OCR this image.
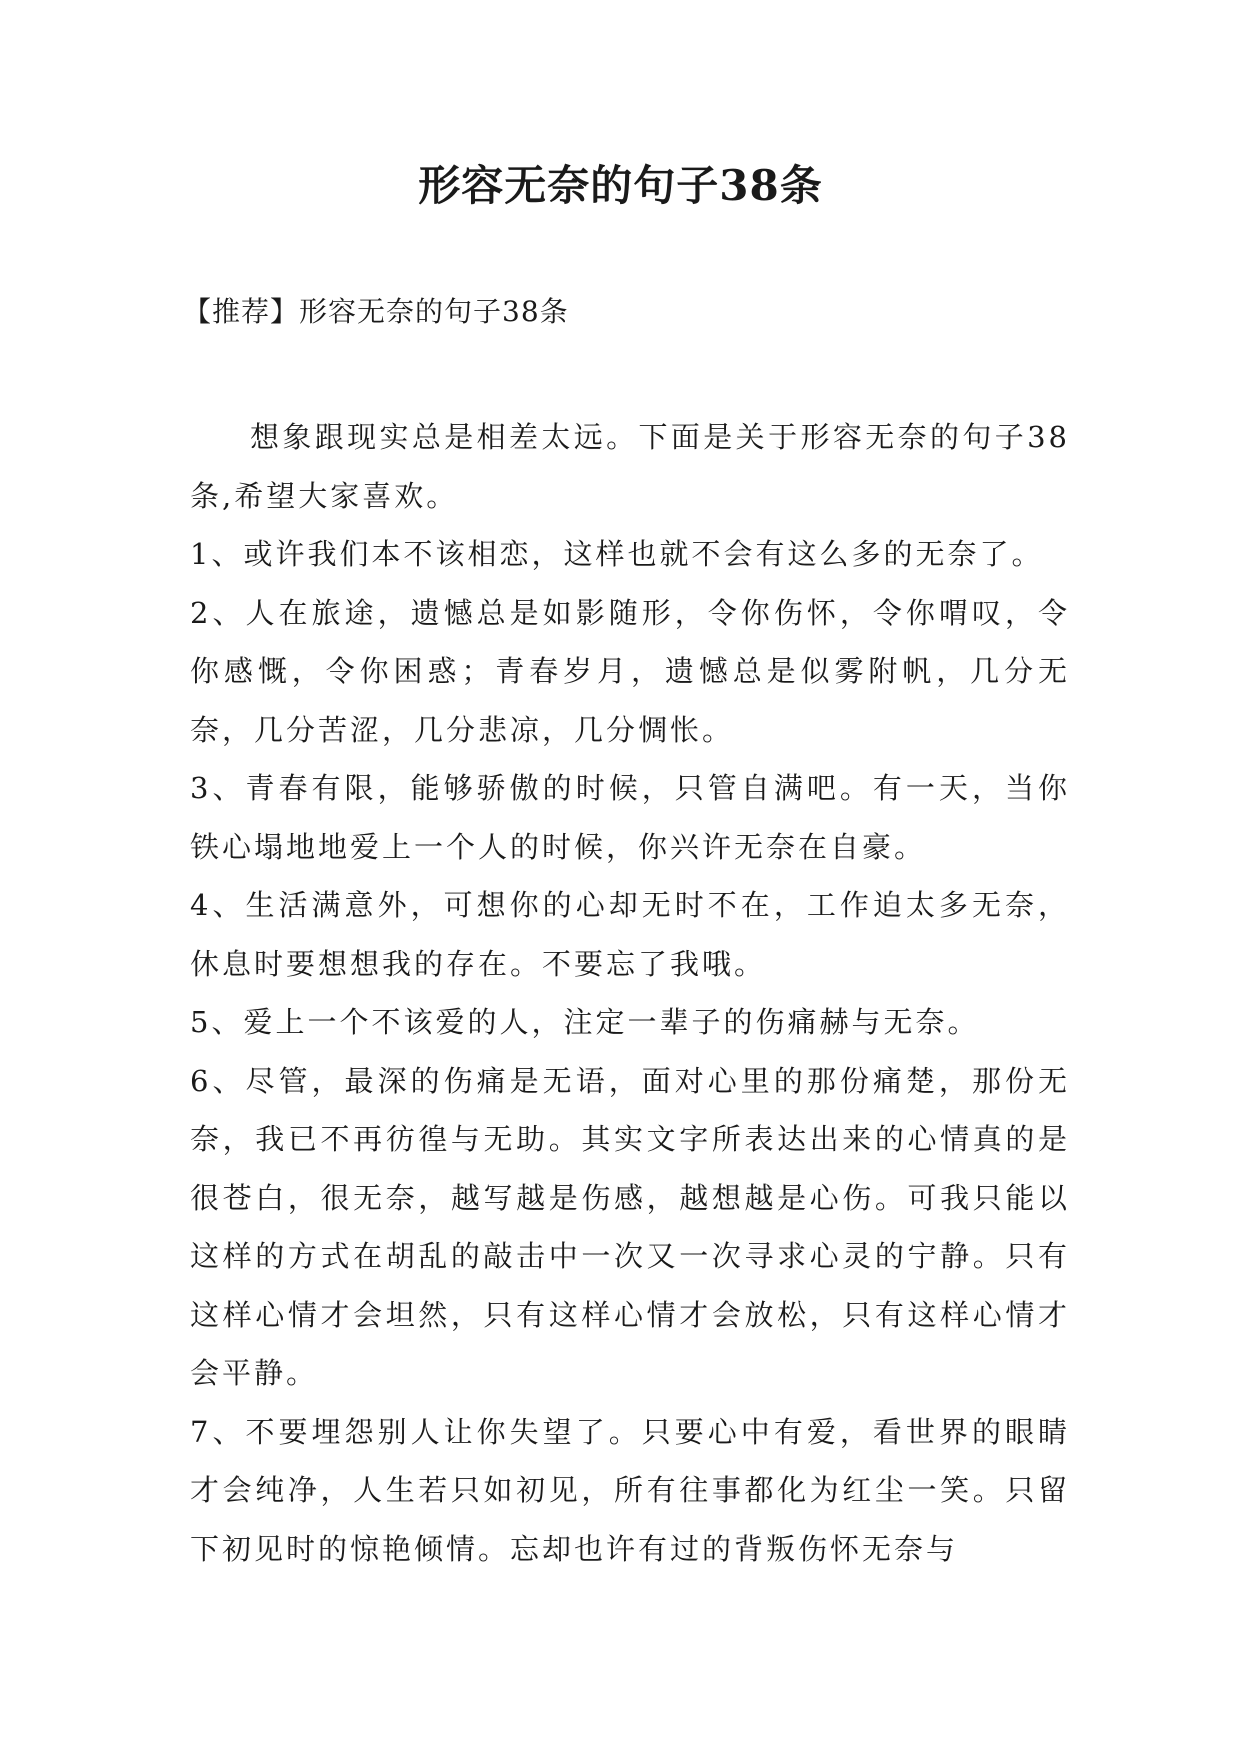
形容无奈的句子38条

【推荐】形容无奈的句子38条

想象跟现实总是相差太远。下面是关于形容无奈的句子38条,希望大家喜欢。

1、或许我们本不该相恋，这样也就不会有这么多的无奈了。

2、人在旅途，遗憾总是如影随形，令你伤怀，令你喟叹，令你感慨，令你困惑；青春岁月，遗憾总是似雾附帆，几分无奈，几分苦涩，几分悲凉，几分惆怅。

3、青春有限，能够骄傲的时候，只管自满吧。有一天，当你铁心塌地地爱上一个人的时候，你兴许无奈在自豪。

4、生活满意外，可想你的心却无时不在，工作迫太多无奈，休息时要想想我的存在。不要忘了我哦。

5、爱上一个不该爱的人，注定一辈子的伤痛赫与无奈。

6、尽管，最深的伤痛是无语，面对心里的那份痛楚，那份无奈，我已不再彷徨与无助。其实文字所表达出来的心情真的是很苍白，很无奈，越写越是伤感，越想越是心伤。可我只能以这样的方式在胡乱的敲击中一次又一次寻求心灵的宁静。只有这样心情才会坦然，只有这样心情才会放松，只有这样心情才会平静。

7、不要埋怨别人让你失望了。只要心中有爱，看世界的眼睛才会纯净，人生若只如初见，所有往事都化为红尘一笑。只留下初见时的惊艳倾情。忘却也许有过的背叛伤怀无奈与
